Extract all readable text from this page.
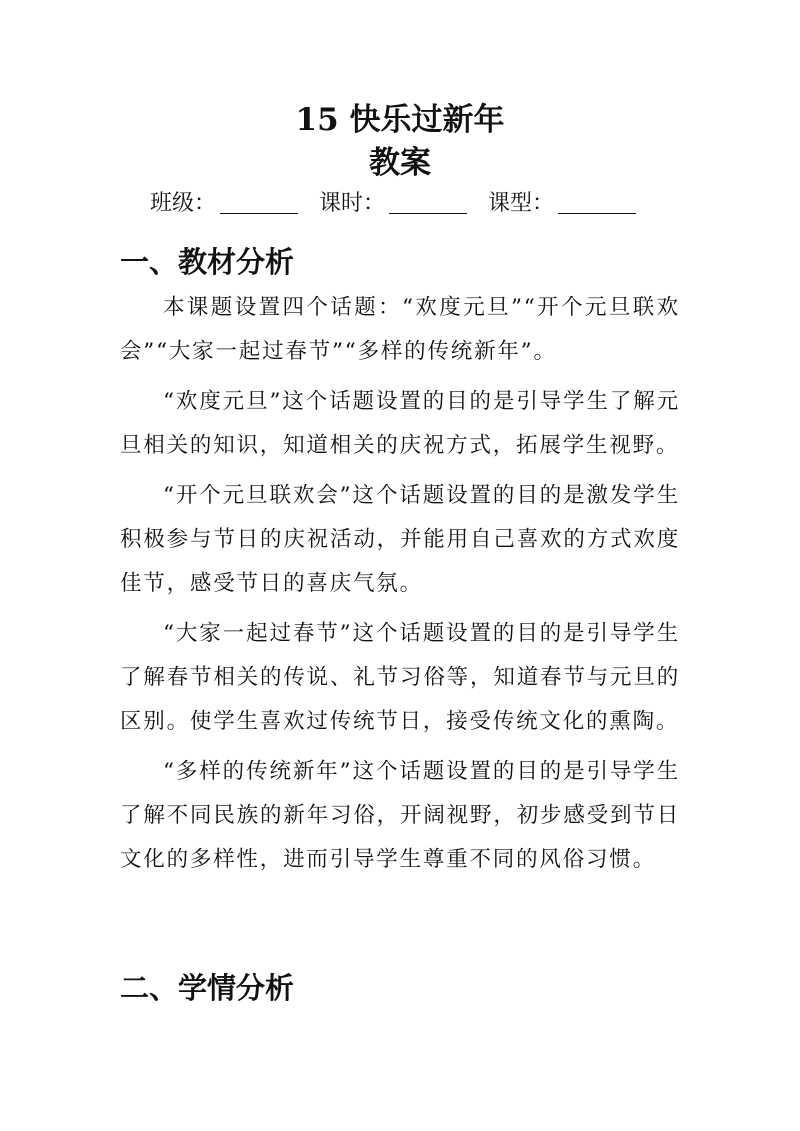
15 快乐过新年
教案
班级：	课时：	课型：
一、教材分析

本课题设置四个话题：“欢度元旦”“开个元旦联欢会”“大家一起过春节”“多样的传统新年”。

“欢度元旦”这个话题设置的目的是引导学生了解元旦相关的知识，知道相关的庆祝方式，拓展学生视野。

“开个元旦联欢会”这个话题设置的目的是激发学生积极参与节日的庆祝活动，并能用自己喜欢的方式欢度佳节，感受节日的喜庆气氛。

“大家一起过春节”这个话题设置的目的是引导学生了解春节相关的传说、礼节习俗等，知道春节与元旦的区别。使学生喜欢过传统节日，接受传统文化的熏陶。

“多样的传统新年”这个话题设置的目的是引导学生了解不同民族的新年习俗，开阔视野，初步感受到节日文化的多样性，进而引导学生尊重不同的风俗习惯。

二、学情分析
